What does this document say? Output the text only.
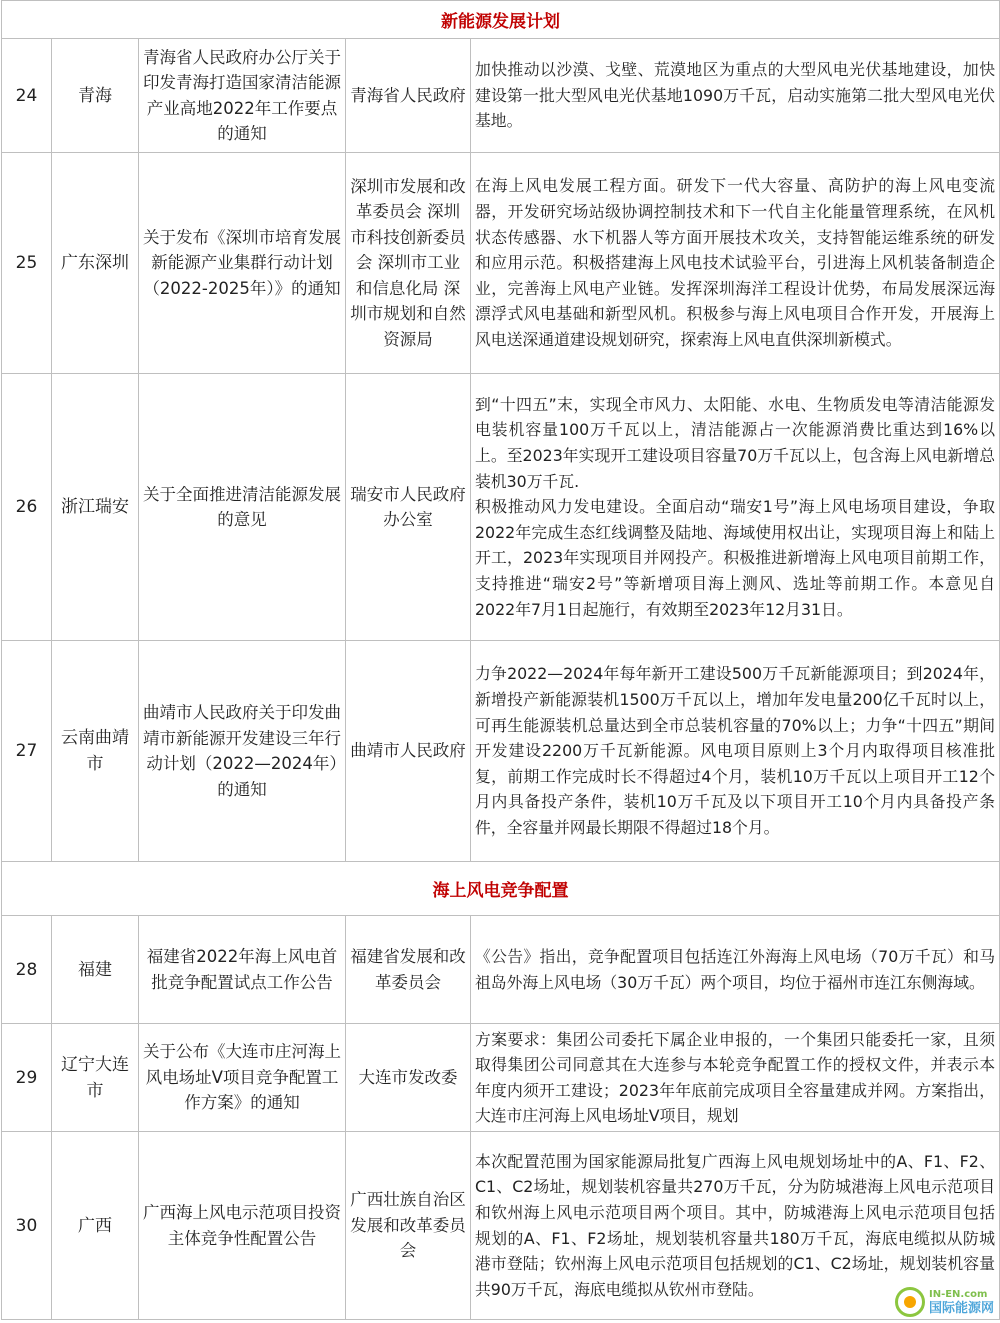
新能源发展计划				
24	青海	青海省人民政府办公厅关于印发青海打造国家清洁能源产业高地2022年工作要点的通知	青海省人民政府	加快推动以沙漠、戈壁、荒漠地区为重点的大型风电光伏基地建设，加快建设第一批大型风电光伏基地1090万千瓦，启动实施第二批大型风电光伏基地。
25	广东深圳	关于发布《深圳市培育发展新能源产业集群行动计划（2022-2025年）》的通知	深圳市发展和改革委员会 深圳市科技创新委员会 深圳市工业和信息化局 深圳市规划和自然资源局	在海上风电发展工程方面。研发下一代大容量、高防护的海上风电变流器，开发研究场站级协调控制技术和下一代自主化能量管理系统，在风机状态传感器、水下机器人等方面开展技术攻关，支持智能运维系统的研发和应用示范。积极搭建海上风电技术试验平台，引进海上风机装备制造企业，完善海上风电产业链。发挥深圳海洋工程设计优势，布局发展深远海漂浮式风电基础和新型风机。积极参与海上风电项目合作开发，开展海上风电送深通道建设规划研究，探索海上风电直供深圳新模式。
26	浙江瑞安	关于全面推进清洁能源发展的意见	瑞安市人民政府办公室	到“十四五”末，实现全市风力、太阳能、水电、生物质发电等清洁能源发电装机容量100万千瓦以上，清洁能源占一次能源消费比重达到16%以上。至2023年实现开工建设项目容量70万千瓦以上，包含海上风电新增总装机30万千瓦.
积极推动风力发电建设。全面启动“瑞安1号”海上风电场项目建设，争取2022年完成生态红线调整及陆地、海域使用权出让，实现项目海上和陆上开工，2023年实现项目并网投产。积极推进新增海上风电项目前期工作，支持推进“瑞安2号”等新增项目海上测风、选址等前期工作。本意见自2022年7月1日起施行，有效期至2023年12月31日。

27	云南曲靖市	曲靖市人民政府关于印发曲靖市新能源开发建设三年行动计划（2022—2024年）的通知	曲靖市人民政府	力争2022—2024年每年新开工建设500万千瓦新能源项目；到2024年，新增投产新能源装机1500万千瓦以上，增加年发电量200亿千瓦时以上，可再生能源装机总量达到全市总装机容量的70%以上；力争“十四五”期间开发建设2200万千瓦新能源。风电项目原则上3个月内取得项目核准批复，前期工作完成时长不得超过4个月，装机10万千瓦以上项目开工12个月内具备投产条件，装机10万千瓦及以下项目开工10个月内具备投产条件，全容量并网最长期限不得超过18个月。
海上风电竞争配置				
28	福建	福建省2022年海上风电首批竞争配置试点工作公告	福建省发展和改革委员会	《公告》指出，竞争配置项目包括连江外海海上风电场（70万千瓦）和马祖岛外海上风电场（30万千瓦）两个项目，均位于福州市连江东侧海域。
29	辽宁大连市	关于公布《大连市庄河海上风电场址V项目竞争配置工作方案》的通知	大连市发改委	方案要求：集团公司委托下属企业申报的，一个集团只能委托一家，且须取得集团公司同意其在大连参与本轮竞争配置工作的授权文件，并表示本年度内须开工建设；2023年年底前完成项目全容量建成并网。方案指出，大连市庄河海上风电场址V项目，规划

30	广西	广西海上风电示范项目投资主体竞争性配置公告	广西壮族自治区发展和改革委员会	本次配置范围为国家能源局批复广西海上风电规划场址中的A、F1、F2、C1、C2场址，规划装机容量共270万千瓦，分为防城港海上风电示范项目和钦州海上风电示范项目两个项目。其中，防城港海上风电示范项目包括规划的A、F1、F2场址，规划装机容量共180万千瓦，海底电缆拟从防城港市登陆；钦州海上风电示范项目包括规划的C1、C2场址，规划装机容量共90万千瓦，海底电缆拟从钦州市登陆。	IN-EN.com
国际能源网
